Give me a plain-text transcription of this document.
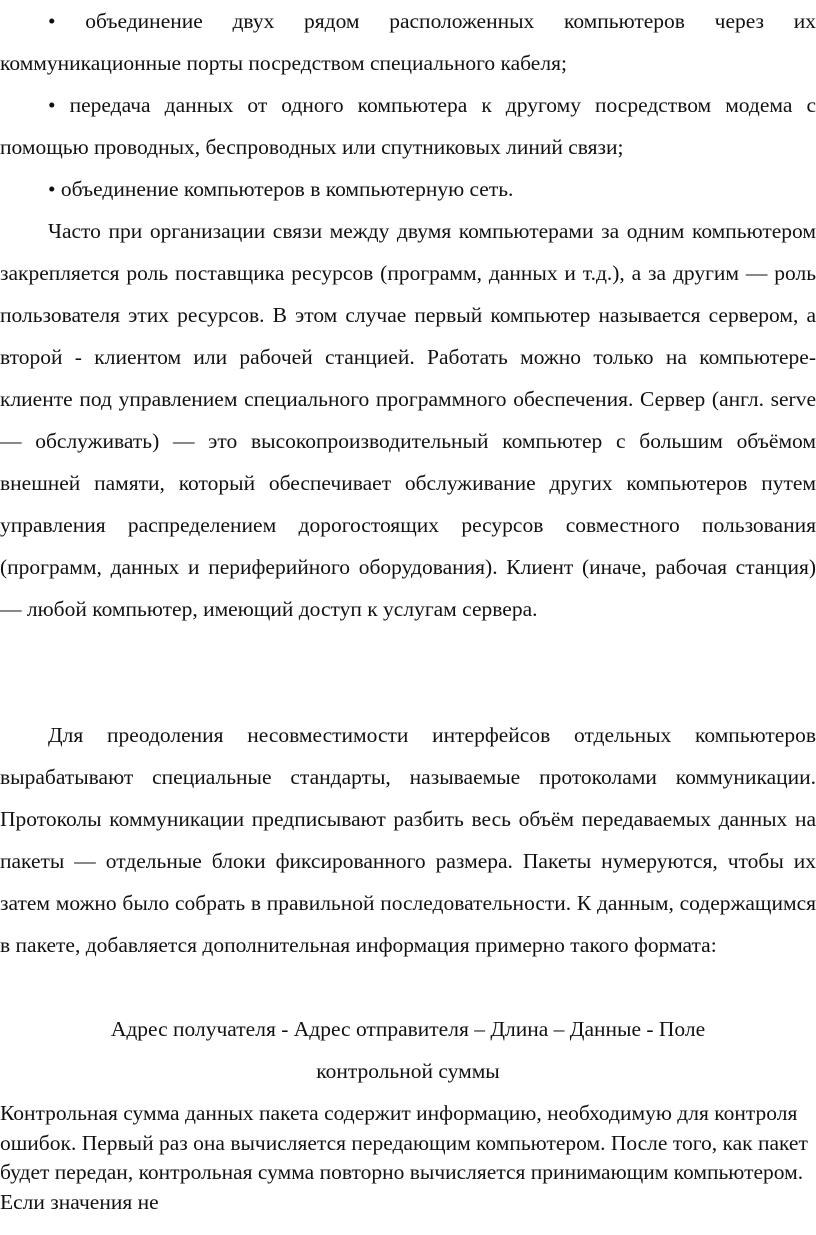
• объединение двух рядом расположенных компьютеров через их коммуникационные порты посредством специального кабеля;

• передача данных от одного компьютера к другому посредством модема с помощью проводных, беспроводных или спутниковых линий связи;

• объединение компьютеров в компьютерную сеть.

Часто при организации связи между двумя компьютерами за одним компьютером закрепляется роль поставщика ресурсов (программ, данных и т.д.), а за другим — роль пользователя этих ресурсов. В этом случае первый компьютер называется сервером, а второй - клиентом или рабочей станцией. Работать можно только на компьютере-клиенте под управлением специального программного обеспечения. Сервер (англ. serve — обслуживать) — это высокопроизводительный компьютер с большим объёмом внешней памяти, который обеспечивает обслуживание других компьютеров путем управления распределением дорогостоящих ресурсов совместного пользования (программ, данных и периферийного оборудования). Клиент (иначе, рабочая станция) — любой компьютер, имеющий доступ к услугам сервера.

Для преодоления несовместимости интерфейсов отдельных компьютеров вырабатывают специальные стандарты, называемые протоколами коммуникации. Протоколы коммуникации предписывают разбить весь объём передаваемых данных на пакеты — отдельные блоки фиксированного размера. Пакеты нумеруются, чтобы их затем можно было собрать в правильной последовательности. К данным, содержащимся в пакете, добавляется дополнительная информация примерно такого формата:

Адрес получателя - Адрес отправителя – Длина – Данные - Поле
контрольной суммы

Контрольная сумма данных пакета содержит информацию, необходимую для контроля ошибок. Первый раз она вычисляется передающим компьютером. После того, как пакет будет передан, контрольная сумма повторно вычисляется принимающим компьютером. Если значения не
